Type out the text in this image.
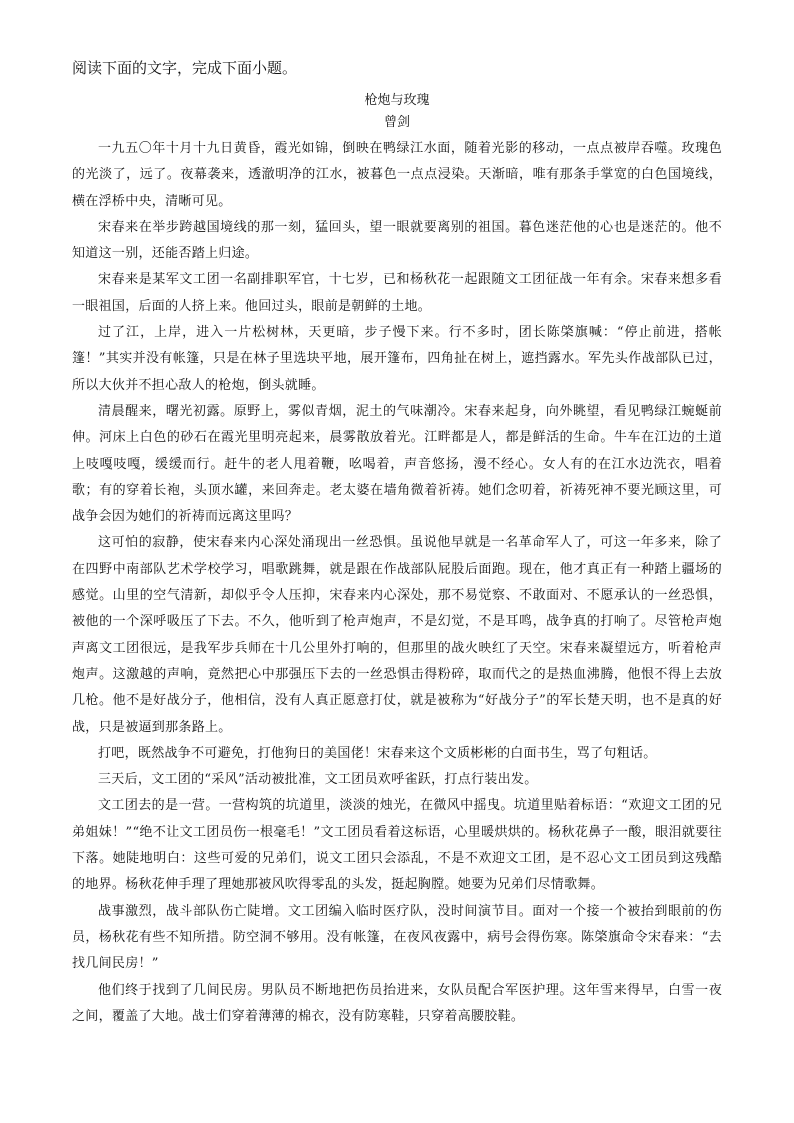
阅读下面的文字，完成下面小题。

枪炮与玫瑰

曾剑

一九五〇年十月十九日黄昏，霞光如锦，倒映在鸭绿江水面，随着光影的移动，一点点被岸吞噬。玫瑰色的光淡了，远了。夜幕袭来，透澈明净的江水，被暮色一点点浸染。天渐暗，唯有那条手掌宽的白色国境线，横在浮桥中央，清晰可见。

宋春来在举步跨越国境线的那一刻，猛回头，望一眼就要离别的祖国。暮色迷茫他的心也是迷茫的。他不知道这一别，还能否踏上归途。

宋春来是某军文工团一名副排职军官，十七岁，已和杨秋花一起跟随文工团征战一年有余。宋春来想多看一眼祖国，后面的人挤上来。他回过头，眼前是朝鲜的土地。

过了江，上岸，进入一片松树林，天更暗，步子慢下来。行不多时，团长陈棨旗喊：“停止前进，搭帐篷！”其实并没有帐篷，只是在林子里选块平地，展开篷布，四角扯在树上，遮挡露水。军先头作战部队已过，所以大伙并不担心敌人的枪炮，倒头就睡。

清晨醒来，曙光初露。原野上，雾似青烟，泥土的气味潮冷。宋春来起身，向外眺望，看见鸭绿江蜿蜒前伸。河床上白色的砂石在霞光里明亮起来，晨雾散放着光。江畔都是人，都是鲜活的生命。牛车在江边的土道上吱嘎吱嘎，缓缓而行。赶牛的老人甩着鞭，吆喝着，声音悠扬，漫不经心。女人有的在江水边洗衣，唱着歌；有的穿着长袍，头顶水罐，来回奔走。老太婆在墙角微着祈祷。她们念叨着，祈祷死神不要光顾这里，可战争会因为她们的祈祷而远离这里吗？

这可怕的寂静，使宋春来内心深处涌现出一丝恐惧。虽说他早就是一名革命军人了，可这一年多来，除了在四野中南部队艺术学校学习，唱歌跳舞，就是跟在作战部队屁股后面跑。现在，他才真正有一种踏上疆场的感觉。山里的空气清新，却似乎令人压抑，宋春来内心深处，那不易觉察、不敢面对、不愿承认的一丝恐惧，被他的一个深呼吸压了下去。不久，他听到了枪声炮声，不是幻觉，不是耳鸣，战争真的打响了。尽管枪声炮声离文工团很远，是我军步兵师在十几公里外打响的，但那里的战火映红了天空。宋春来凝望远方，听着枪声炮声。这激越的声响，竟然把心中那强压下去的一丝恐惧击得粉碎，取而代之的是热血沸腾，他恨不得上去放几枪。他不是好战分子，他相信，没有人真正愿意打仗，就是被称为“好战分子”的军长楚天明，也不是真的好战，只是被逼到那条路上。

打吧，既然战争不可避免，打他狗日的美国佬！宋春来这个文质彬彬的白面书生，骂了句粗话。

三天后，文工团的“采风”活动被批准，文工团员欢呼雀跃，打点行装出发。

文工团去的是一营。一营构筑的坑道里，淡淡的烛光，在微风中摇曳。坑道里贴着标语：“欢迎文工团的兄弟姐妹！”“绝不让文工团员伤一根毫毛！”文工团员看着这标语，心里暖烘烘的。杨秋花鼻子一酸，眼泪就要往下落。她陡地明白：这些可爱的兄弟们，说文工团只会添乱，不是不欢迎文工团，是不忍心文工团员到这残酷的地界。杨秋花伸手理了理她那被风吹得零乱的头发，挺起胸膛。她要为兄弟们尽情歌舞。

战事激烈，战斗部队伤亡陡增。文工团编入临时医疗队，没时间演节目。面对一个接一个被抬到眼前的伤员，杨秋花有些不知所措。防空洞不够用。没有帐篷，在夜风夜露中，病号会得伤寒。陈棨旗命令宋春来：“去找几间民房！”

他们终于找到了几间民房。男队员不断地把伤员抬进来，女队员配合军医护理。这年雪来得早，白雪一夜之间，覆盖了大地。战士们穿着薄薄的棉衣，没有防寒鞋，只穿着高腰胶鞋。
